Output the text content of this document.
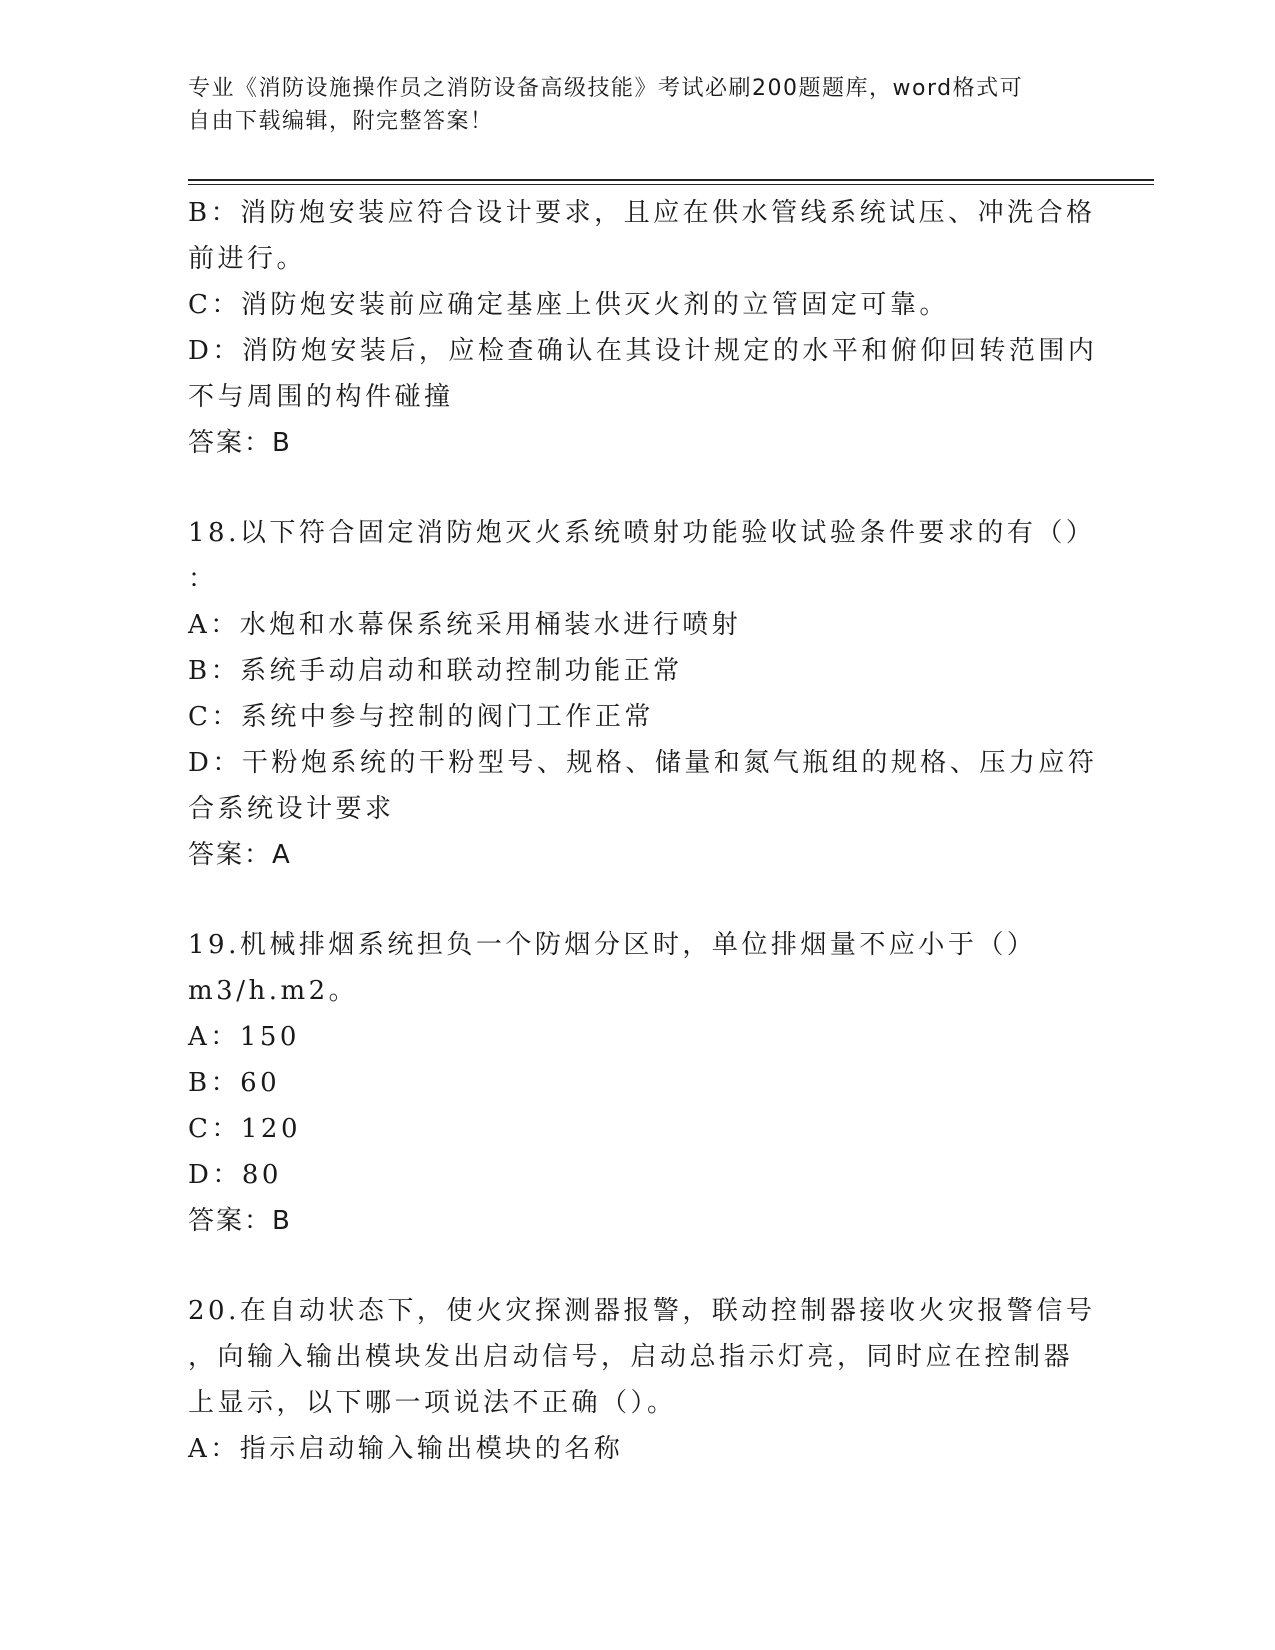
专业《消防设施操作员之消防设备高级技能》考试必刷200题题库，word格式可
自由下载编辑，附完整答案！
B：消防炮安装应符合设计要求，且应在供水管线系统试压、冲洗合格
前进行。
C：消防炮安装前应确定基座上供灭火剂的立管固定可靠。
D：消防炮安装后，应检查确认在其设计规定的水平和俯仰回转范围内
不与周围的构件碰撞
答案：B
18.以下符合固定消防炮灭火系统喷射功能验收试验条件要求的有（）
：
A：水炮和水幕保系统采用桶装水进行喷射
B：系统手动启动和联动控制功能正常
C：系统中参与控制的阀门工作正常
D：干粉炮系统的干粉型号、规格、储量和氮气瓶组的规格、压力应符
合系统设计要求
答案：A
19.机械排烟系统担负一个防烟分区时，单位排烟量不应小于（）
m3/h.m2。
A：150
B：60
C：120
D：80
答案：B
20.在自动状态下，使火灾探测器报警，联动控制器接收火灾报警信号
，向输入输出模块发出启动信号，启动总指示灯亮，同时应在控制器
上显示，以下哪一项说法不正确（）。
A：指示启动输入输出模块的名称
